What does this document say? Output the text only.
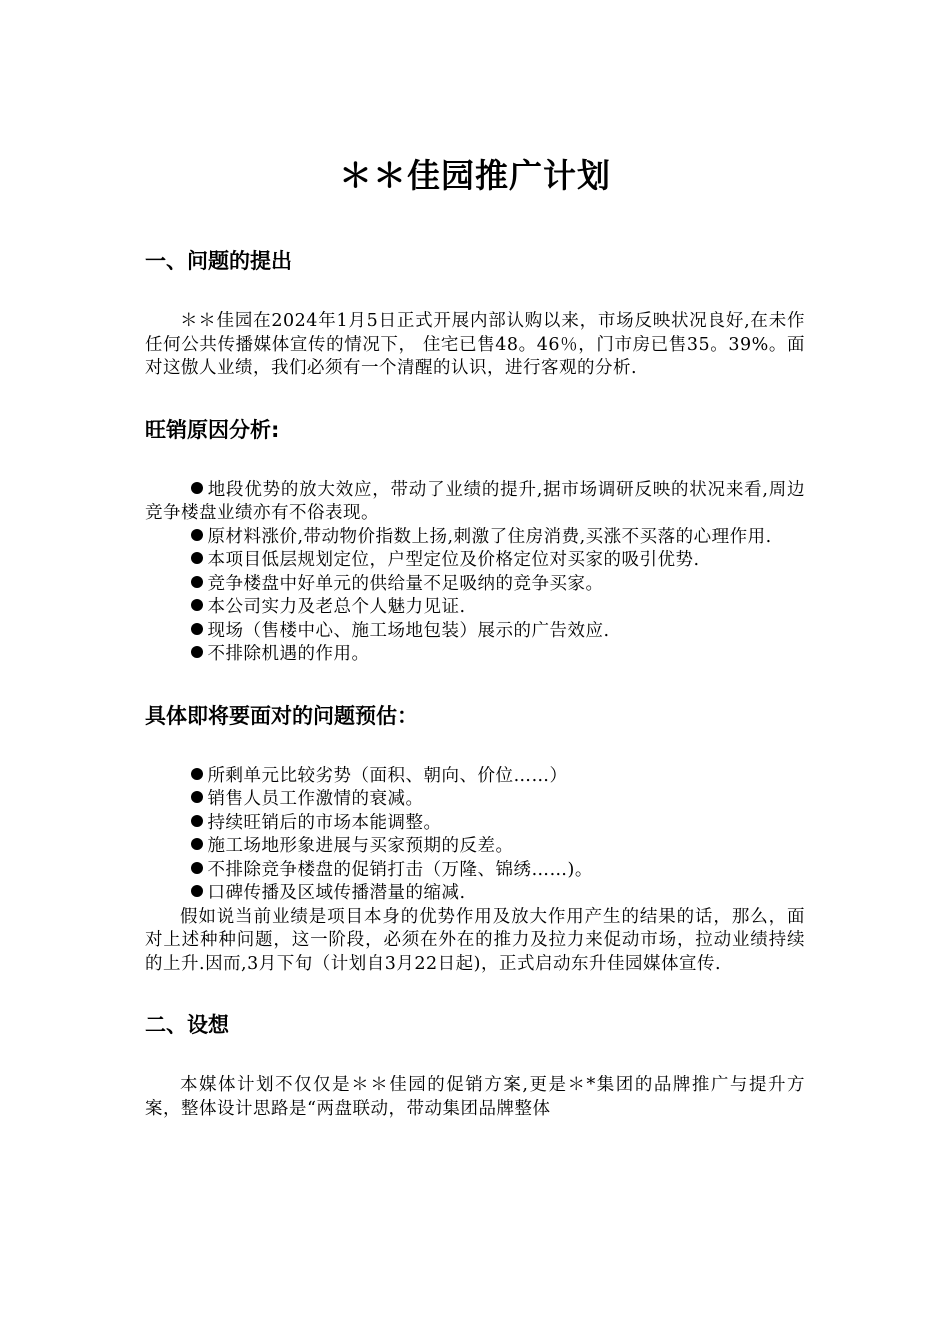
＊＊佳园推广计划
一、问题的提出

＊＊佳园在2024年1月5日正式开展内部认购以来，市场反映状况良好,在未作任何公共传播媒体宣传的情况下， 住宅已售48。46％，门市房已售35。39%。面对这傲人业绩，我们必须有一个清醒的认识，进行客观的分析.

旺销原因分析:
地段优势的放大效应，带动了业绩的提升,据市场调研反映的状况来看,周边竞争楼盘业绩亦有不俗表现。
原材料涨价,带动物价指数上扬,刺激了住房消费,买涨不买落的心理作用.
本项目低层规划定位，户型定位及价格定位对买家的吸引优势.
竞争楼盘中好单元的供给量不足吸纳的竞争买家。
本公司实力及老总个人魅力见证.
现场（售楼中心、施工场地包装）展示的广告效应.
不排除机遇的作用。
具体即将要面对的问题预估：
所剩单元比较劣势（面积、朝向、价位……）
销售人员工作激情的衰减。
持续旺销后的市场本能调整。
施工场地形象进展与买家预期的反差。
不排除竞争楼盘的促销打击（万隆、锦绣……)。
口碑传播及区域传播潜量的缩减.

假如说当前业绩是项目本身的优势作用及放大作用产生的结果的话，那么，面对上述种种问题，这一阶段，必须在外在的推力及拉力来促动市场，拉动业绩持续的上升.因而,3月下旬（计划自3月22日起)，正式启动东升佳园媒体宣传.

二、设想

本媒体计划不仅仅是＊＊佳园的促销方案,更是＊*集团的品牌推广与提升方案，整体设计思路是“两盘联动，带动集团品牌整体
